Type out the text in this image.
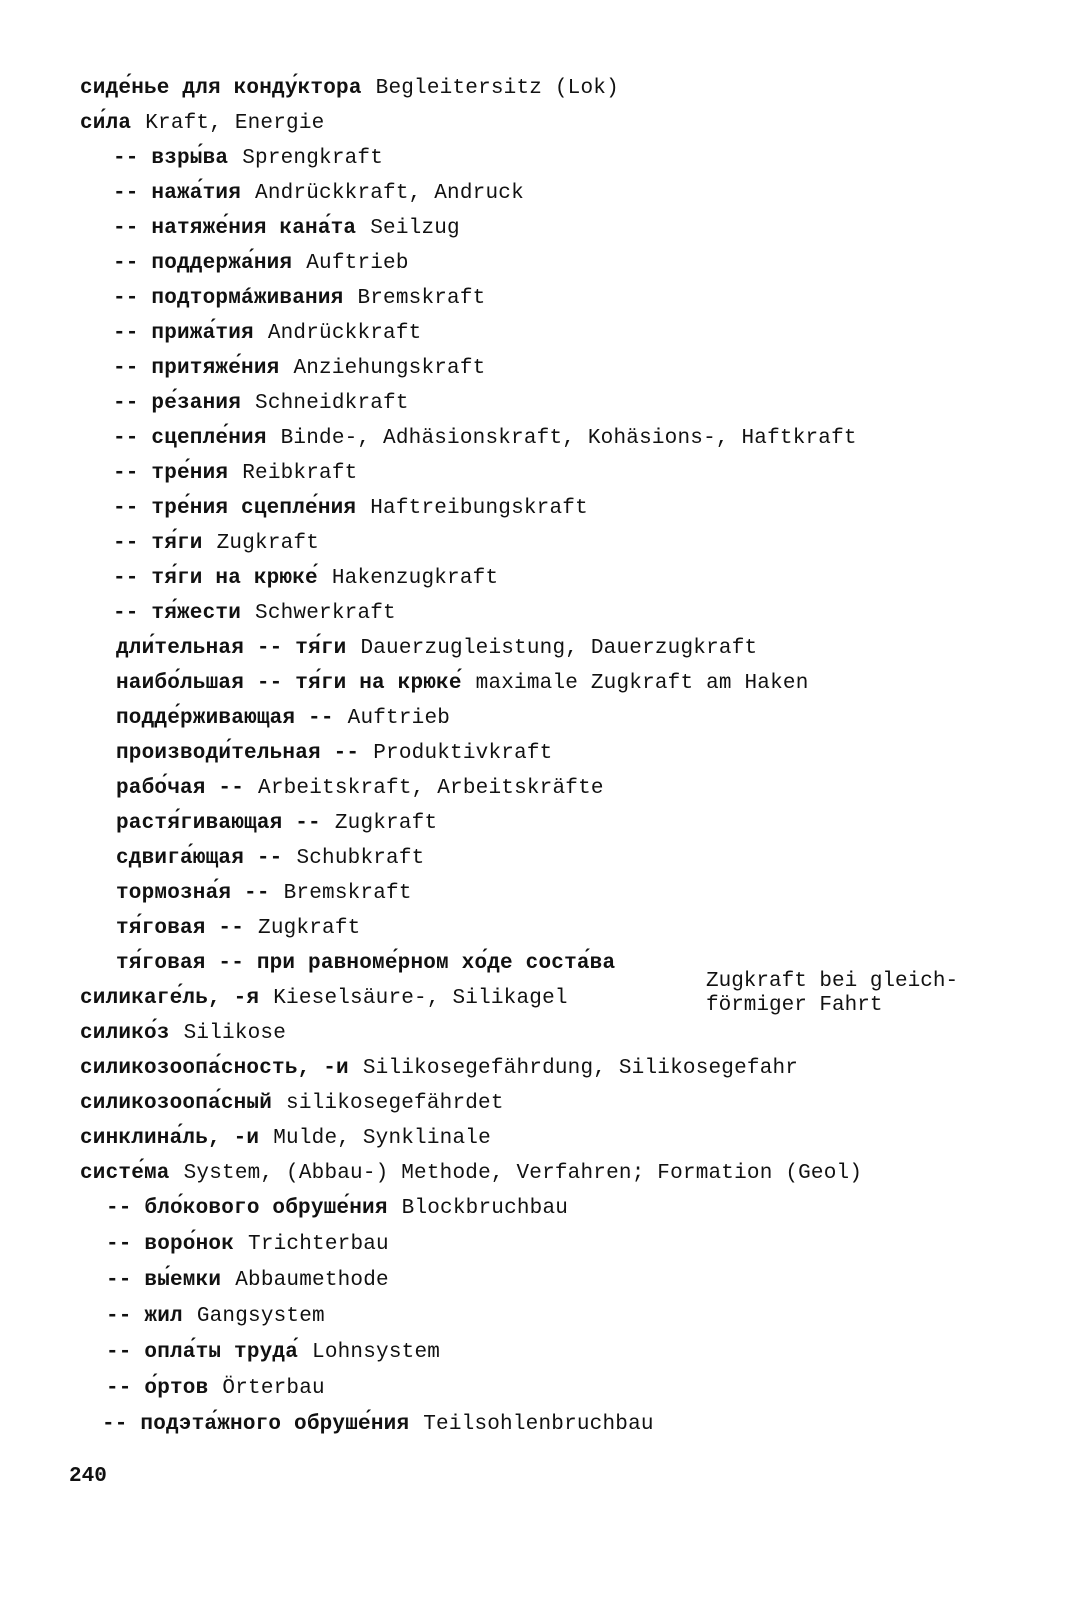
сиде́нье для конду́ктора Begleitersitz (Lok)
си́ла Kraft, Energie
-- взры́ва Sprengkraft
-- нажа́тия Andrückkraft, Andruck
-- натяже́ния кана́та Seilzug
-- поддержа́ния Auftrieb
-- подтормáживания Bremskraft
-- прижа́тия Andrückkraft
-- притяже́ния Anziehungskraft
-- ре́зания Schneidkraft
-- сцепле́ния Binde-, Adhäsionskraft, Kohäsions-, Haftkraft
-- тре́ния Reibkraft
-- тре́ния сцепле́ния Haftreibungskraft
-- тя́ги Zugkraft
-- тя́ги на крюке́ Hakenzugkraft
-- тя́жести Schwerkraft
дли́тельная -- тя́ги Dauerzugleistung, Dauerzugkraft
наибо́льшая -- тя́ги на крюке́ maximale Zugkraft am Haken
подде́рживающая -- Auftrieb
произв​оди́тельная -- Produktivkraft
рабо́чая -- Arbeitskraft, Arbeitskräfte
растя́гивающая -- Zugkraft
сдвига́ющая -- Schubkraft
тормозна́я -- Bremskraft
тя́говая -- Zugkraft
тя́говая -- при равноме́рном хо́де соста́ва
Zugkraft bei gleich-
förmiger Fahrt
силикаге́ль, -я Kieselsäure-, Silikagel
силико́з Silikose
силикозоопа́сность, -и Silikosegefährdung, Silikosegefahr
силикозоопа́сный silikosegefährdet
синклина́ль, -и Mulde, Synklinale
систе́ма System, (Abbau-) Methode, Verfahren; Formation (Geol)
-- бло́кового обруше́ния Blockbruchbau
-- воро́нок Trichterbau
-- вы́емки Abbaumethode
-- жил Gangsystem
-- опла́ты труда́ Lohnsystem
-- о́ртов Örterbau
-- подэта́жного обруше́ния Teilsohlenbruchbau
240
